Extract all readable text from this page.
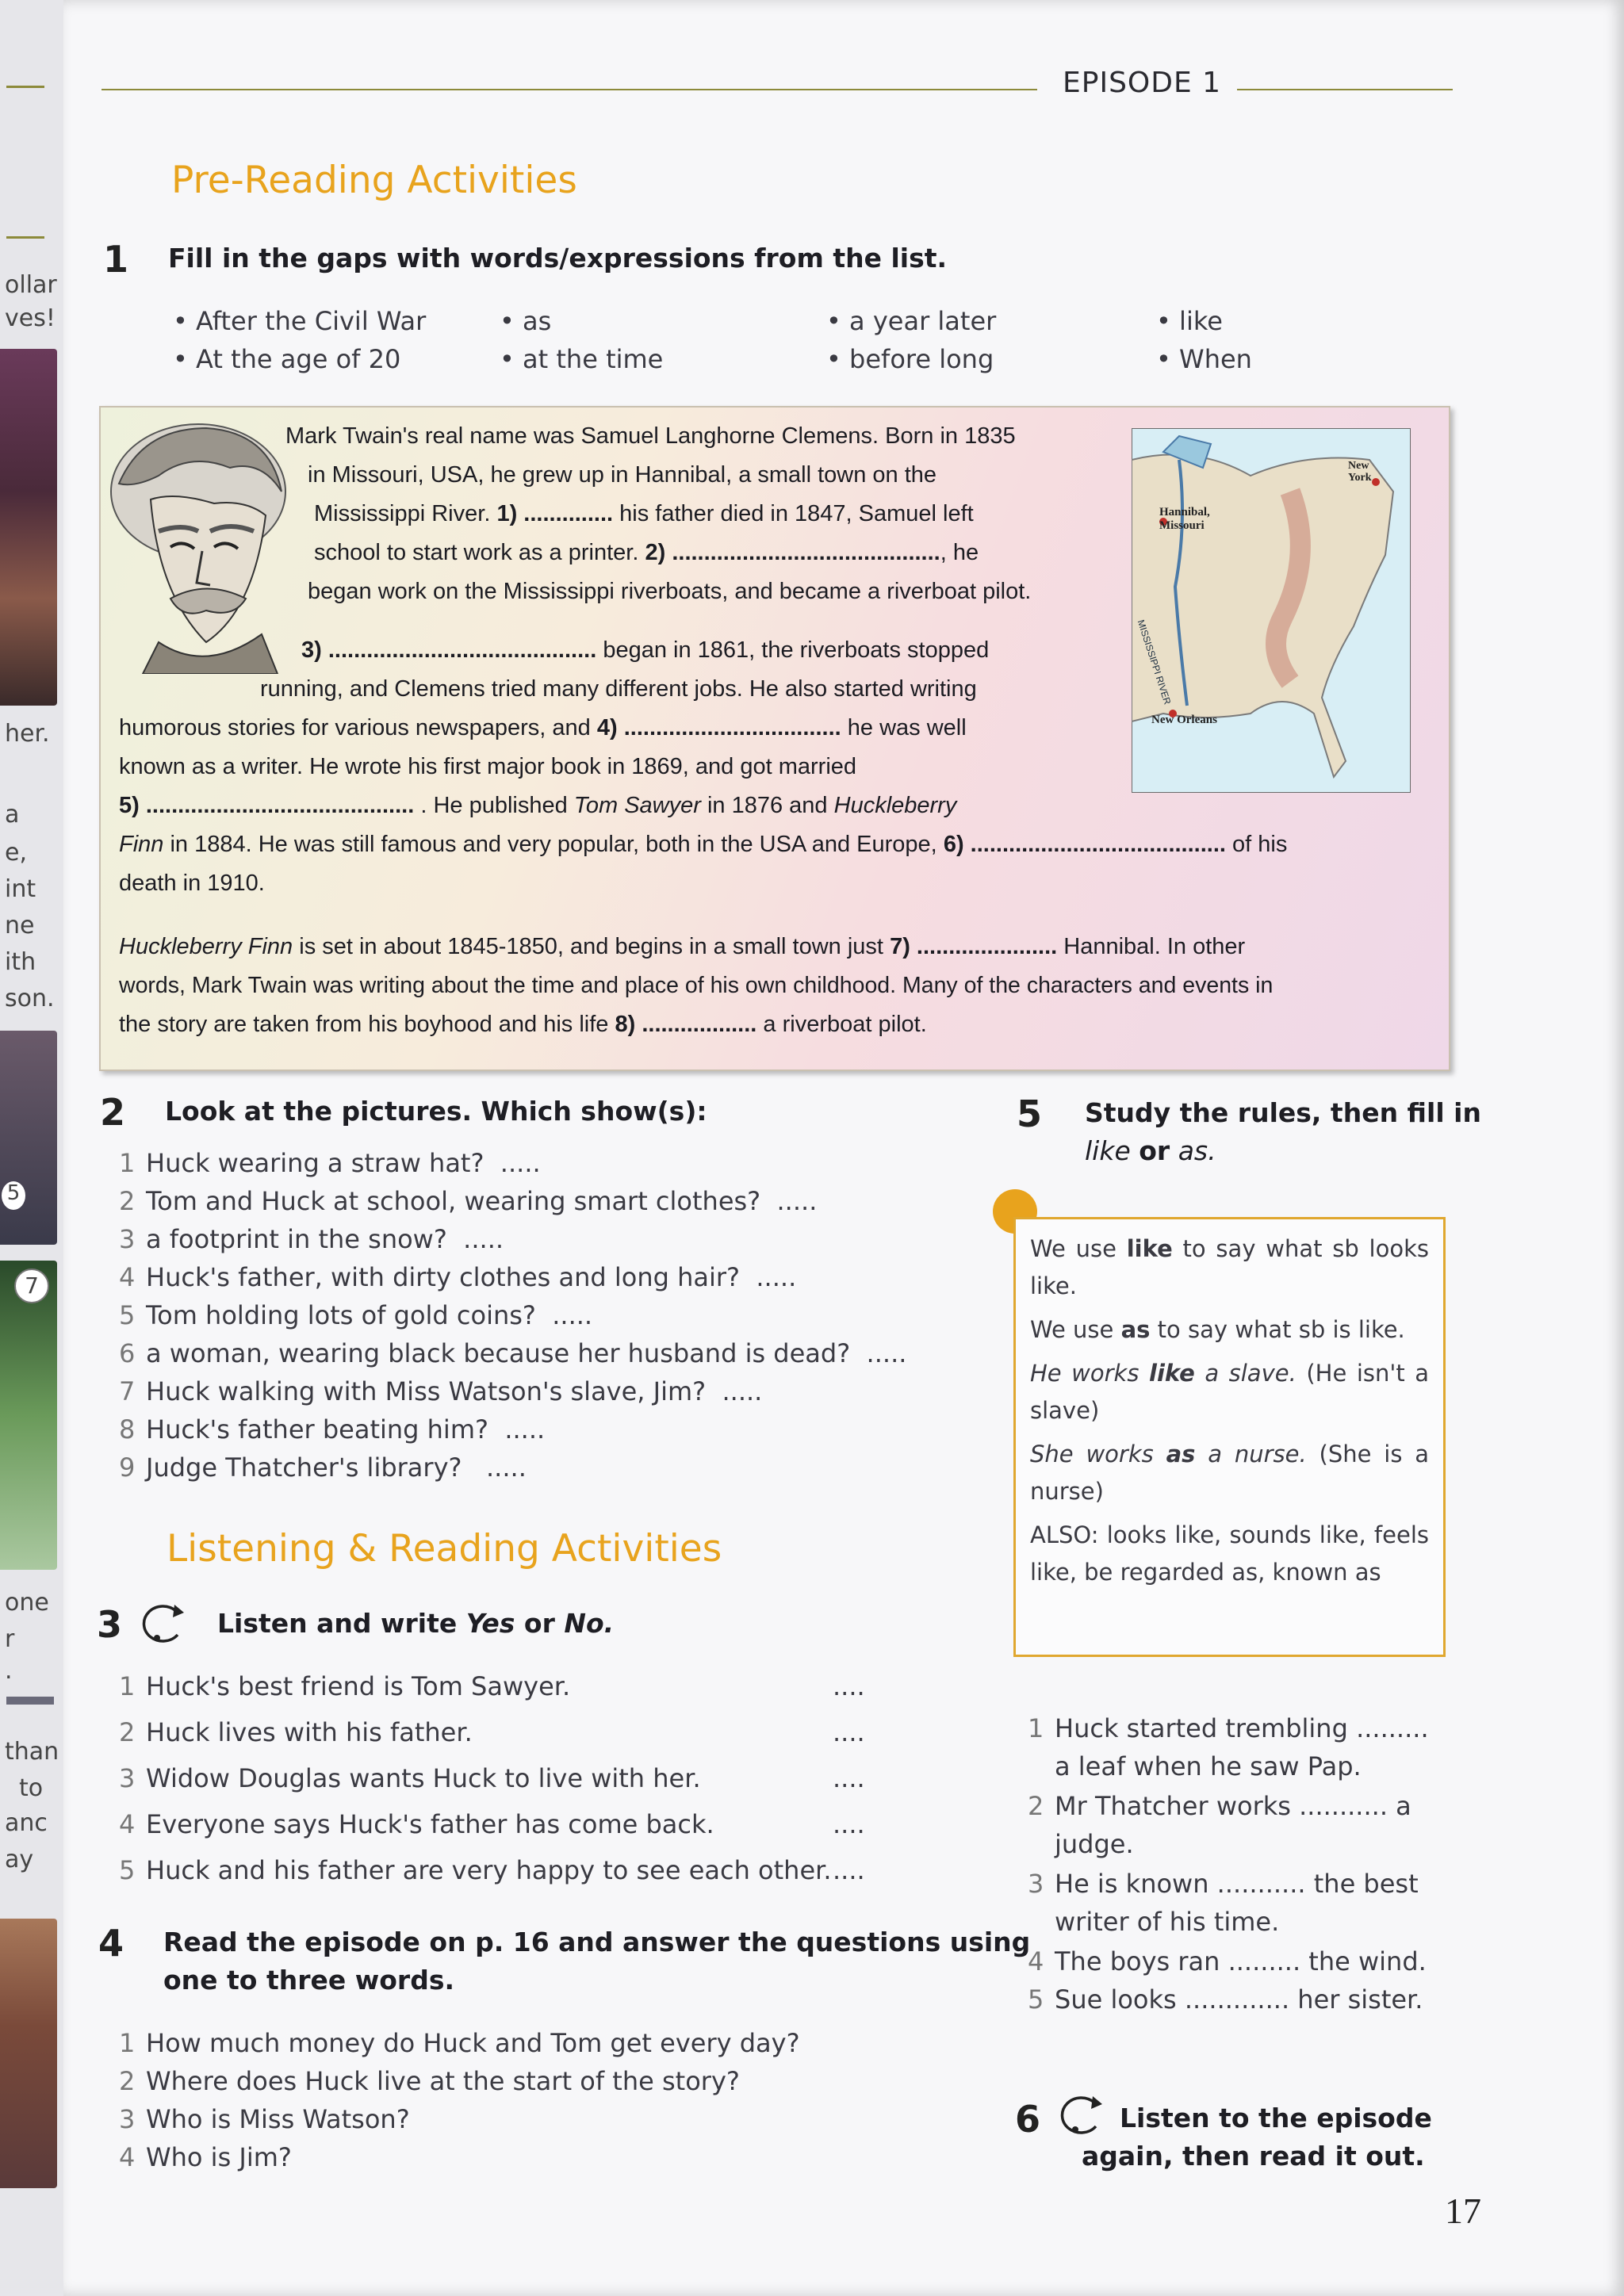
ollar
ves!
her.
a
e,
int
ne
ith
son.
5
7
one
r
.
than
to
anc
ay
EPISODE 1
Pre-Reading Activities
1 Fill in the gaps with words/expressions from the list.
• After the Civil War	• as	• a year later	• like
• At the age of 20	• at the time	• before long	• When
Hannibal, Missouri
New York
MISSISSIPPI RIVER
New Orleans
Mark Twain's real name was Samuel Langhorne Clemens. Born in 1835
in Missouri, USA, he grew up in Hannibal, a small town on the
Mississippi River. 1) .............. his father died in 1847, Samuel left
school to start work as a printer. 2) .........................................., he
began work on the Mississippi riverboats, and became a riverboat pilot.
3) .......................................... began in 1861, the riverboats stopped
running, and Clemens tried many different jobs. He also started writing
humorous stories for various newspapers, and 4) .................................. he was well
known as a writer. He wrote his first major book in 1869, and got married
5) .......................................... . He published Tom Sawyer in 1876 and Huckleberry
Finn in 1884. He was still famous and very popular, both in the USA and Europe, 6) ........................................ of his
death in 1910.
Huckleberry Finn is set in about 1845-1850, and begins in a small town just 7) ...................... Hannibal. In other
words, Mark Twain was writing about the time and place of his own childhood. Many of the characters and events in
the story are taken from his boyhood and his life 8) .................. a riverboat pilot.
2 Look at the pictures. Which show(s):
1 Huck wearing a straw hat? .....
2 Tom and Huck at school, wearing smart clothes? .....
3 a footprint in the snow? .....
4 Huck's father, with dirty clothes and long hair? .....
5 Tom holding lots of gold coins? .....
6 a woman, wearing black because her husband is dead? .....
7 Huck walking with Miss Watson's slave, Jim? .....
8 Huck's father beating him? .....
9 Judge Thatcher's library? .....
Listening & Reading Activities
3	Listen and write Yes or No.
1 Huck's best friend is Tom Sawyer.	....
2 Huck lives with his father.	....
3 Widow Douglas wants Huck to live with her.	....
4 Everyone says Huck's father has come back.	....
5 Huck and his father are very happy to see each other. ....
4 Read the episode on p. 16 and answer the questions using
one to three words.
1 How much money do Huck and Tom get every day?
2 Where does Huck live at the start of the story?
3 Who is Miss Watson?
4 Who is Jim?
5 Study the rules, then fill in
like or as.

We use like to say what sb looks like.

We use as to say what sb is like.

He works like a slave. (He isn't a slave)

She works as a nurse. (She is a nurse)

ALSO: looks like, sounds like, feels like, be regarded as, known as

1 Huck started trembling .........
a leaf when he saw Pap.
2 Mr Thatcher works ........... a
judge.
3 He is known ........... the best
writer of his time.
4 The boys ran ......... the wind.
5 Sue looks ............. her sister.
6	Listen to the episode
again, then read it out.
17
